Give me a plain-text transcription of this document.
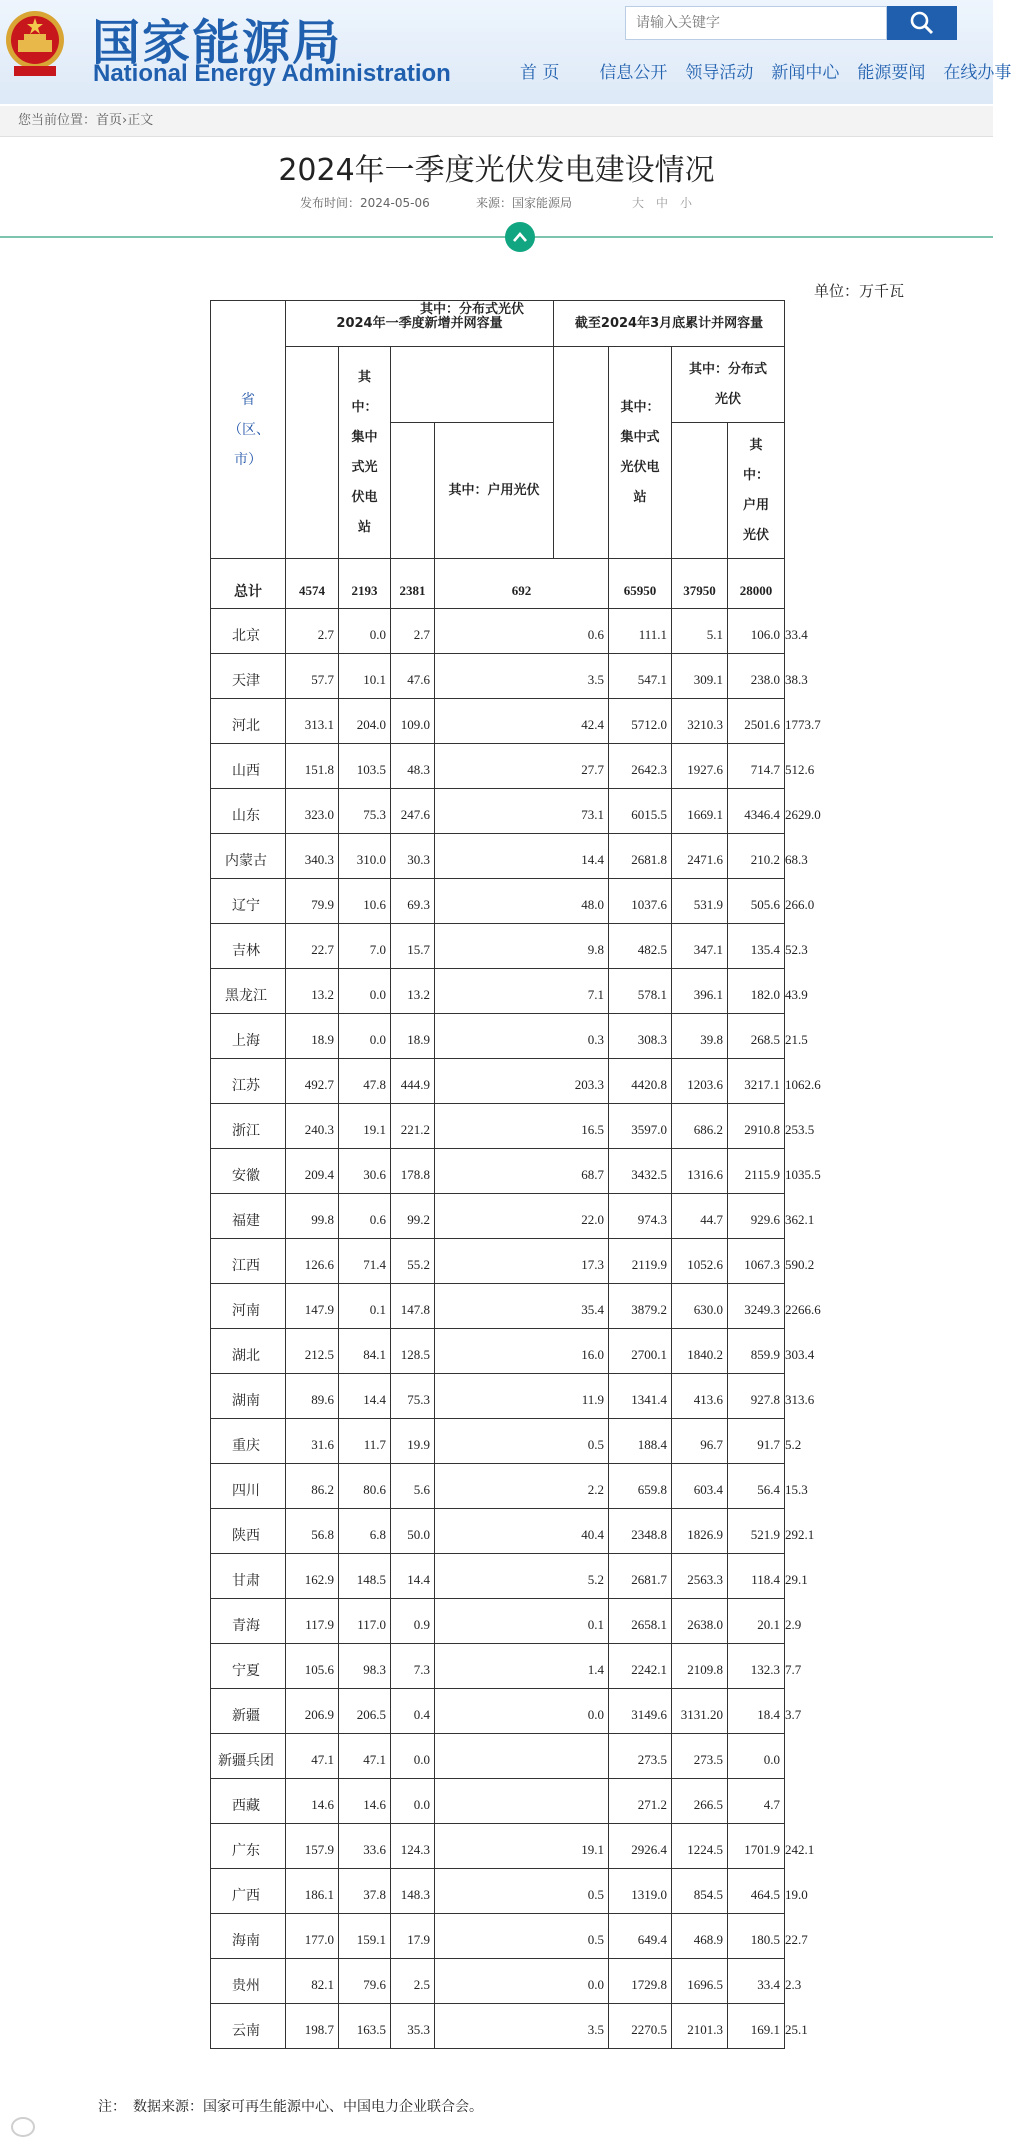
国家能源局
National Energy Administration
请输入关键字	首 页 信息公开 领导活动 新闻中心 能源要闻 在线办事
您当前位置：首页›正文
2024年一季度光伏发电建设情况
发布时间：2024-05-06	来源：国家能源局	大 中 小
单位：万千瓦
省（区、市）	2024年一季度新增并网容量				截至2024年3月底累计并网容量				

		其中：集中式光伏电站	其中：分布式光伏			其中：集中式光伏电站	其中：分布式光伏		

				其中：户用光伏				其中：户用光伏	

总计	4574	2193	2381	692		65950	37950	28000	
北京	2.7	0.0	2.7	0.6		111.1	5.1	106.0	33.4
天津	57.7	10.1	47.6	3.5		547.1	309.1	238.0	38.3
河北	313.1	204.0	109.0	42.4		5712.0	3210.3	2501.6	1773.7
山西	151.8	103.5	48.3	27.7		2642.3	1927.6	714.7	512.6
山东	323.0	75.3	247.6	73.1		6015.5	1669.1	4346.4	2629.0
内蒙古	340.3	310.0	30.3	14.4		2681.8	2471.6	210.2	68.3
辽宁	79.9	10.6	69.3	48.0		1037.6	531.9	505.6	266.0
吉林	22.7	7.0	15.7	9.8		482.5	347.1	135.4	52.3
黑龙江	13.2	0.0	13.2	7.1		578.1	396.1	182.0	43.9
上海	18.9	0.0	18.9	0.3		308.3	39.8	268.5	21.5
江苏	492.7	47.8	444.9	203.3		4420.8	1203.6	3217.1	1062.6
浙江	240.3	19.1	221.2	16.5		3597.0	686.2	2910.8	253.5
安徽	209.4	30.6	178.8	68.7		3432.5	1316.6	2115.9	1035.5
福建	99.8	0.6	99.2	22.0		974.3	44.7	929.6	362.1
江西	126.6	71.4	55.2	17.3		2119.9	1052.6	1067.3	590.2
河南	147.9	0.1	147.8	35.4		3879.2	630.0	3249.3	2266.6
湖北	212.5	84.1	128.5	16.0		2700.1	1840.2	859.9	303.4
湖南	89.6	14.4	75.3	11.9		1341.4	413.6	927.8	313.6
重庆	31.6	11.7	19.9	0.5		188.4	96.7	91.7	5.2
四川	86.2	80.6	5.6	2.2		659.8	603.4	56.4	15.3
陕西	56.8	6.8	50.0	40.4		2348.8	1826.9	521.9	292.1
甘肃	162.9	148.5	14.4	5.2		2681.7	2563.3	118.4	29.1
青海	117.9	117.0	0.9	0.1		2658.1	2638.0	20.1	2.9
宁夏	105.6	98.3	7.3	1.4		2242.1	2109.8	132.3	7.7
新疆	206.9	206.5	0.4	0.0		3149.6	3131.20	18.4	3.7
新疆兵团	47.1	47.1	0.0			273.5	273.5	0.0	
西藏	14.6	14.6	0.0			271.2	266.5	4.7	
广东	157.9	33.6	124.3	19.1		2926.4	1224.5	1701.9	242.1
广西	186.1	37.8	148.3	0.5		1319.0	854.5	464.5	19.0
海南	177.0	159.1	17.9	0.5		649.4	468.9	180.5	22.7
贵州	82.1	79.6	2.5	0.0		1729.8	1696.5	33.4	2.3
云南	198.7	163.5	35.3	3.5		2270.5	2101.3	169.1	25.1
注：　数据来源：国家可再生能源中心、中国电力企业联合会。
